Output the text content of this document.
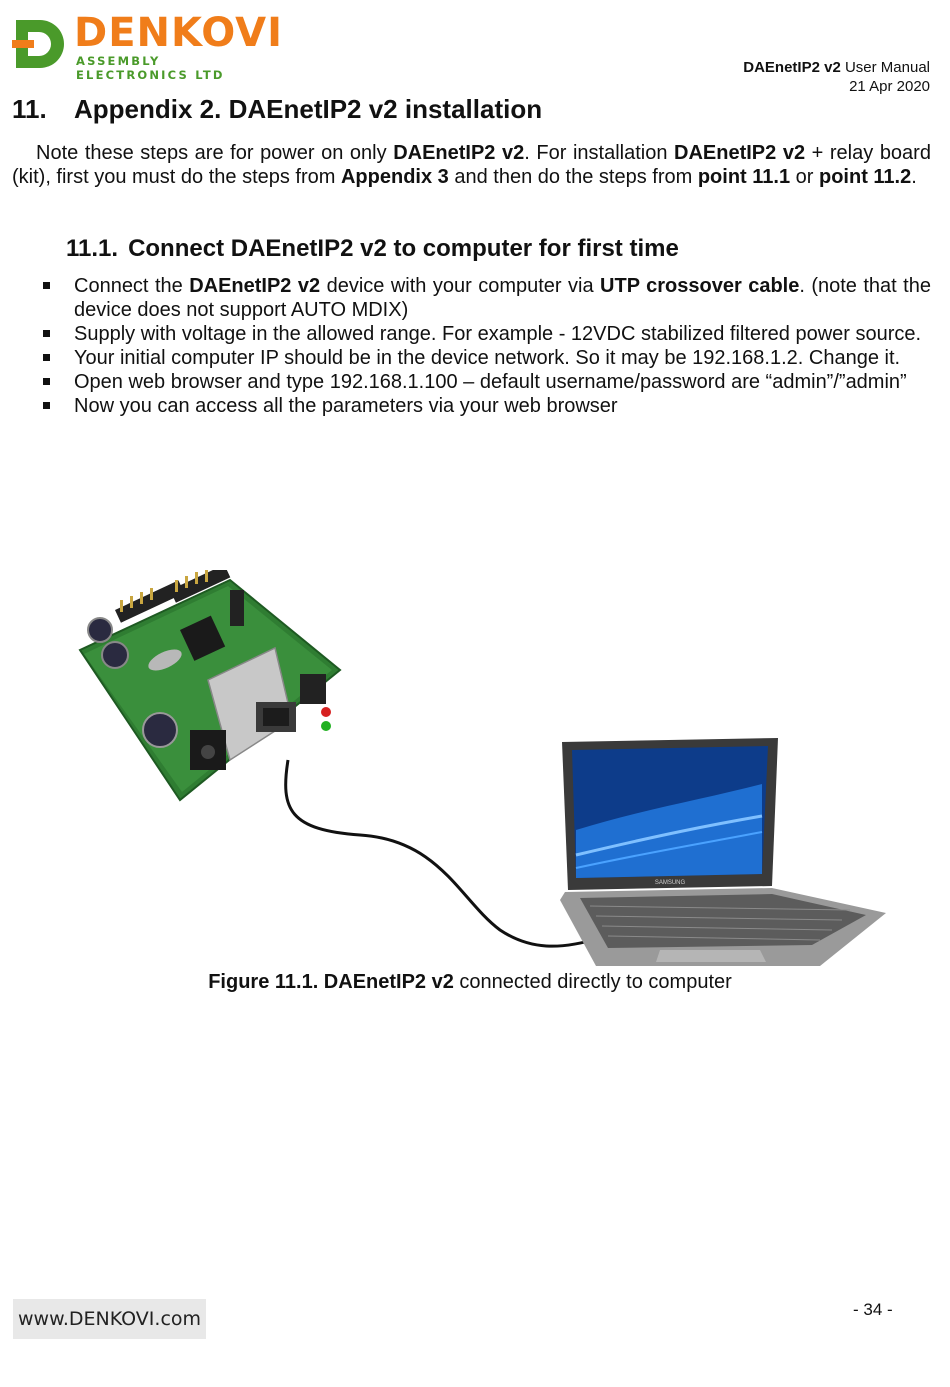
DENKOVI
ASSEMBLY ELECTRONICS LTD	DAEnetIP2 v2 User Manual
21 Apr 2020
11. Appendix 2. DAEnetIP2 v2 installation

Note these steps are for power on only DAEnetIP2 v2. For installation DAEnetIP2 v2 + relay board (kit), first you must do the steps from Appendix 3 and then do the steps from point 11.1 or point 11.2.

11.1. Connect DAEnetIP2 v2 to computer for first time
Connect the DAEnetIP2 v2 device with your computer via UTP crossover cable. (note that the device does not support AUTO MDIX)
Supply with voltage in the allowed range. For example - 12VDC stabilized filtered power source.
Your initial computer IP should be in the device network. So it may be 192.168.1.2. Change it.
Open web browser and type 192.168.1.100 – default username/password are “admin”/”admin”
Now you can access all the parameters via your web browser
SAMSUNG
Figure 11.1. DAEnetIP2 v2 connected directly to computer
www.DENKOVI.com	- 34 -
